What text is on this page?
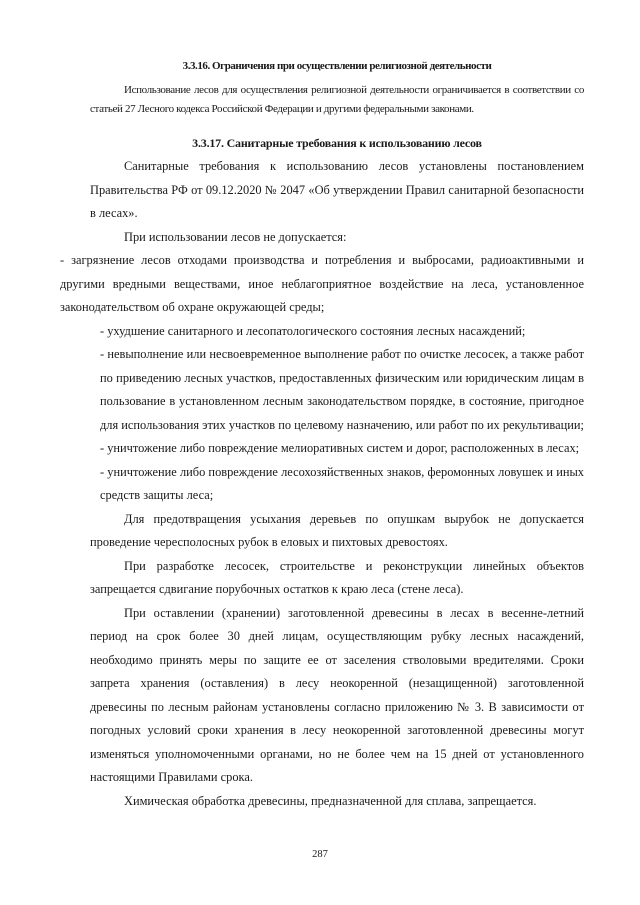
3.3.16. Ограничения при осуществлении религиозной деятельности

Использование лесов для осуществления религиозной деятельности ограничивается в соответствии со статьей 27 Лесного кодекса Российской Федерации и другими федеральными законами.

3.3.17. Санитарные требования к использованию лесов

Санитарные требования к использованию лесов установлены постановлением Правительства РФ от 09.12.2020 № 2047 «Об утверждении Правил санитарной безопасности в лесах».

При использовании лесов не допускается:

- загрязнение лесов отходами производства и потребления и выбросами, радиоактивными и другими вредными веществами, иное неблагоприятное воздействие на леса, установленное законодательством об охране окружающей среды;

- ухудшение санитарного и лесопатологического состояния лесных насаждений;

- невыполнение или несвоевременное выполнение работ по очистке лесосек, а также работ по приведению лесных участков, предоставленных физическим или юридическим лицам в пользование в установленном лесным законодательством порядке, в состояние, пригодное для использования этих участков по целевому назначению, или работ по их рекультивации;

- уничтожение либо повреждение мелиоративных систем и дорог, расположенных в лесах;

- уничтожение либо повреждение лесохозяйственных знаков, феромонных ловушек и иных средств защиты леса;

Для предотвращения усыхания деревьев по опушкам вырубок не допускается проведение чересполосных рубок в еловых и пихтовых древостоях.

При разработке лесосек, строительстве и реконструкции линейных объектов запрещается сдвигание порубочных остатков к краю леса (стене леса).

При оставлении (хранении) заготовленной древесины в лесах в весенне-летний период на срок более 30 дней лицам, осуществляющим рубку лесных насаждений, необходимо принять меры по защите ее от заселения стволовыми вредителями. Сроки запрета хранения (оставления) в лесу неокоренной (незащищенной) заготовленной древесины по лесным районам установлены согласно приложению № 3. В зависимости от погодных условий сроки хранения в лесу неокоренной заготовленной древесины могут изменяться уполномоченными органами, но не более чем на 15 дней от установленного настоящими Правилами срока.

Химическая обработка древесины, предназначенной для сплава, запрещается.

287
